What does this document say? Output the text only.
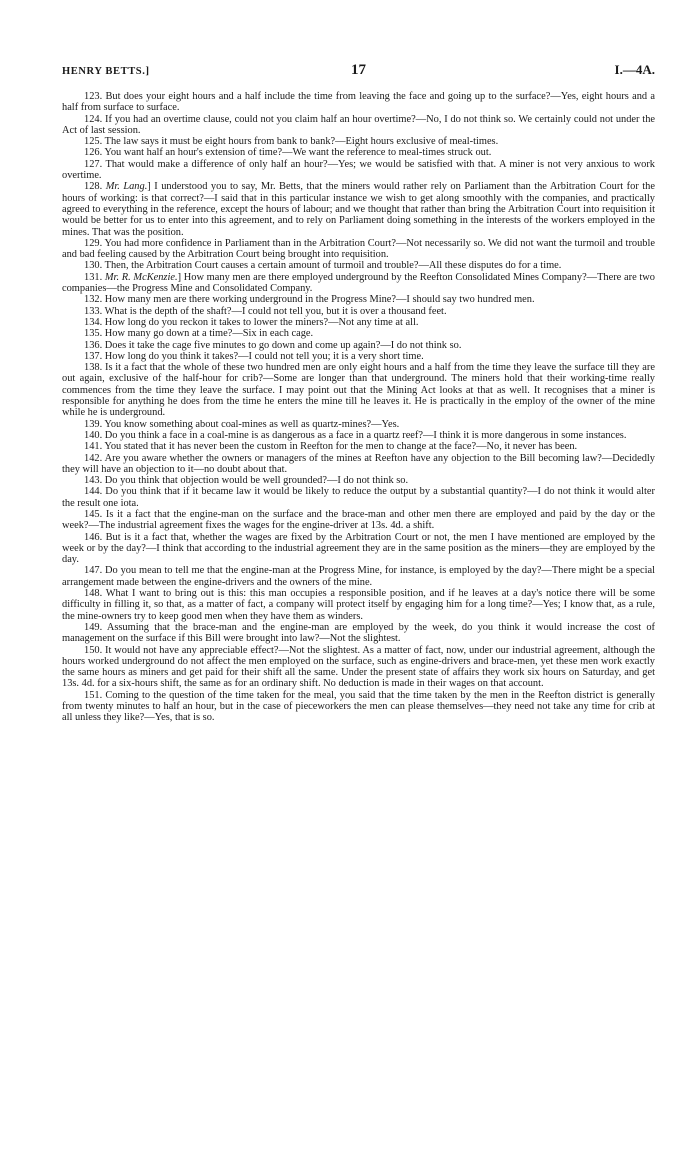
HENRY BETTS.]	17	I.—4A.

123. But does your eight hours and a half include the time from leaving the face and going up to the surface?—Yes, eight hours and a half from surface to surface.

124. If you had an overtime clause, could not you claim half an hour overtime?—No, I do not think so. We certainly could not under the Act of last session.

125. The law says it must be eight hours from bank to bank?—Eight hours exclusive of meal-times.

126. You want half an hour's extension of time?—We want the reference to meal-times struck out.

127. That would make a difference of only half an hour?—Yes; we would be satisfied with that. A miner is not very anxious to work overtime.

128. Mr. Lang.] I understood you to say, Mr. Betts, that the miners would rather rely on Parliament than the Arbitration Court for the hours of working: is that correct?—I said that in this particular instance we wish to get along smoothly with the companies, and practically agreed to everything in the reference, except the hours of labour; and we thought that rather than bring the Arbitration Court into requisition it would be better for us to enter into this agreement, and to rely on Parliament doing something in the interests of the workers employed in the mines. That was the position.

129. You had more confidence in Parliament than in the Arbitration Court?—Not necessarily so. We did not want the turmoil and trouble and bad feeling caused by the Arbitration Court being brought into requisition.

130. Then, the Arbitration Court causes a certain amount of turmoil and trouble?—All these disputes do for a time.

131. Mr. R. McKenzie.] How many men are there employed underground by the Reefton Consolidated Mines Company?—There are two companies—the Progress Mine and Consolidated Company.

132. How many men are there working underground in the Progress Mine?—I should say two hundred men.

133. What is the depth of the shaft?—I could not tell you, but it is over a thousand feet.

134. How long do you reckon it takes to lower the miners?—Not any time at all.

135. How many go down at a time?—Six in each cage.

136. Does it take the cage five minutes to go down and come up again?—I do not think so.

137. How long do you think it takes?—I could not tell you; it is a very short time.

138. Is it a fact that the whole of these two hundred men are only eight hours and a half from the time they leave the surface till they are out again, exclusive of the half-hour for crib?—Some are longer than that underground. The miners hold that their working-time really commences from the time they leave the surface. I may point out that the Mining Act looks at that as well. It recognises that a miner is responsible for anything he does from the time he enters the mine till he leaves it. He is practically in the employ of the owner of the mine while he is underground.

139. You know something about coal-mines as well as quartz-mines?—Yes.

140. Do you think a face in a coal-mine is as dangerous as a face in a quartz reef?—I think it is more dangerous in some instances.

141. You stated that it has never been the custom in Reefton for the men to change at the face?—No, it never has been.

142. Are you aware whether the owners or managers of the mines at Reefton have any objection to the Bill becoming law?—Decidedly they will have an objection to it—no doubt about that.

143. Do you think that objection would be well grounded?—I do not think so.

144. Do you think that if it became law it would be likely to reduce the output by a substantial quantity?—I do not think it would alter the result one iota.

145. Is it a fact that the engine-man on the surface and the brace-man and other men there are employed and paid by the day or the week?—The industrial agreement fixes the wages for the engine-driver at 13s. 4d. a shift.

146. But is it a fact that, whether the wages are fixed by the Arbitration Court or not, the men I have mentioned are employed by the week or by the day?—I think that according to the industrial agreement they are in the same position as the miners—they are employed by the day.

147. Do you mean to tell me that the engine-man at the Progress Mine, for instance, is employed by the day?—There might be a special arrangement made between the engine-drivers and the owners of the mine.

148. What I want to bring out is this: this man occupies a responsible position, and if he leaves at a day's notice there will be some difficulty in filling it, so that, as a matter of fact, a company will protect itself by engaging him for a long time?—Yes; I know that, as a rule, the mine-owners try to keep good men when they have them as winders.

149. Assuming that the brace-man and the engine-man are employed by the week, do you think it would increase the cost of management on the surface if this Bill were brought into law?—Not the slightest.

150. It would not have any appreciable effect?—Not the slightest. As a matter of fact, now, under our industrial agreement, although the hours worked underground do not affect the men employed on the surface, such as engine-drivers and brace-men, yet these men work exactly the same hours as miners and get paid for their shift all the same. Under the present state of affairs they work six hours on Saturday, and get 13s. 4d. for a six-hours shift, the same as for an ordinary shift. No deduction is made in their wages on that account.

151. Coming to the question of the time taken for the meal, you said that the time taken by the men in the Reefton district is generally from twenty minutes to half an hour, but in the case of pieceworkers the men can please themselves—they need not take any time for crib at all unless they like?—Yes, that is so.
